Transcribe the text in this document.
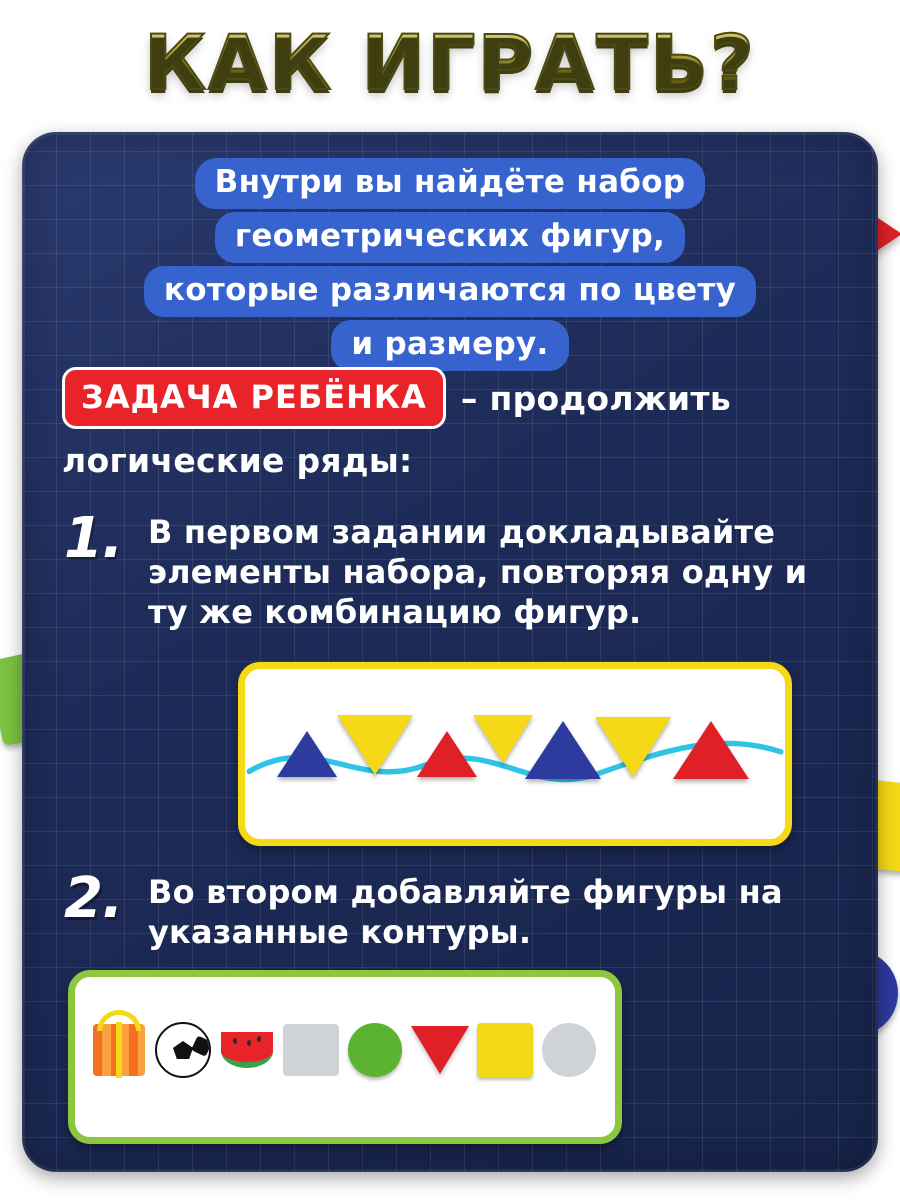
КАК ИГРАТЬ?
Внутри вы найдёте набор
геометрических фигур,
которые различаются по цвету
и размеру.
ЗАДАЧА РЕБЁНКА – продолжить
логические ряды:
1. В первом задании докладывайте элементы набора, повторяя одну и ту же комбинацию фигур.
2. Во втором добавляйте фигуры на указанные контуры.
